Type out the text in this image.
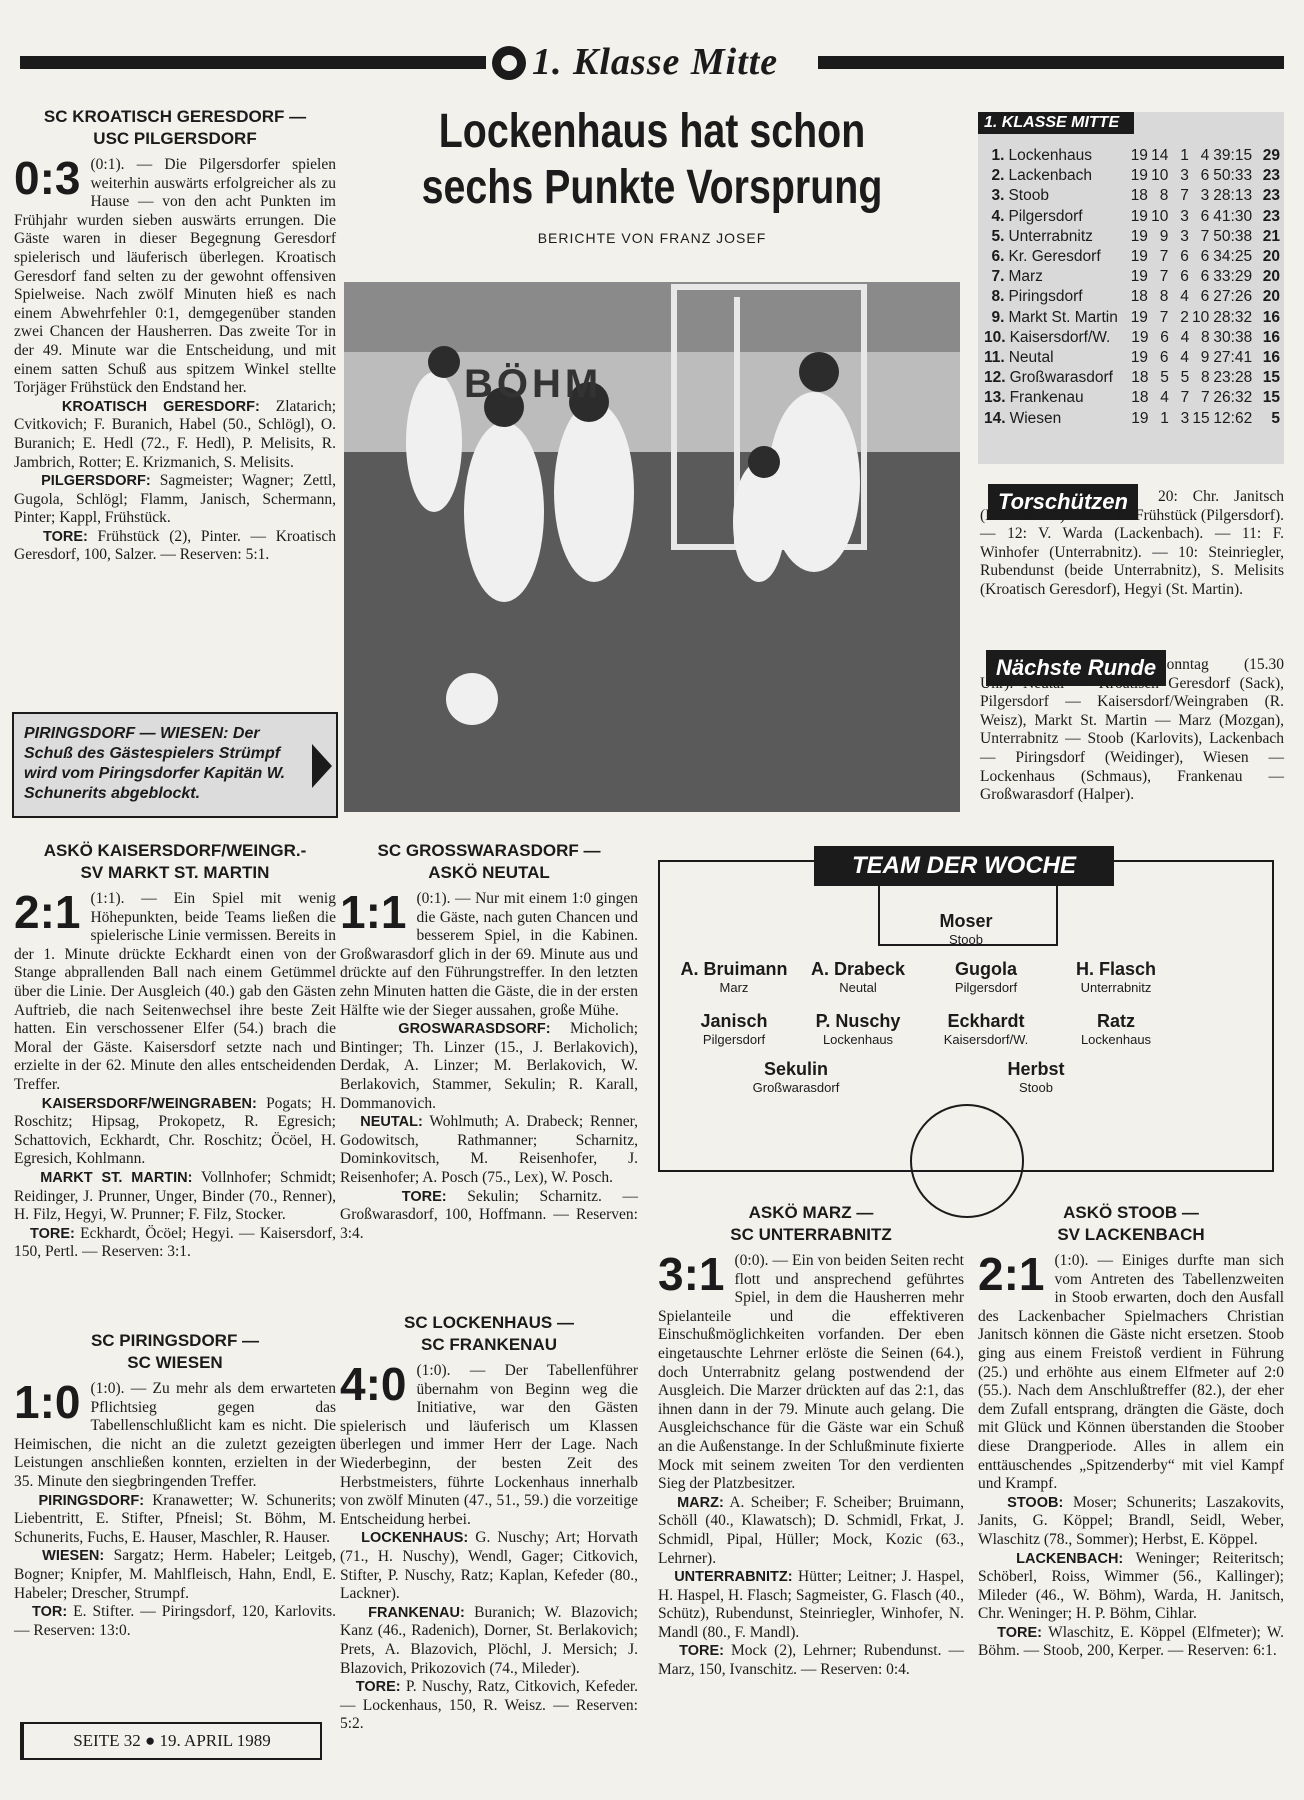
1. Klasse Mitte
SC KROATISCH GERESDORF —
USC PILGERSDORF
0:3 (0:1). — Die Pilgersdorfer spielen weiterhin auswärts erfolgreicher als zu Hause — von den acht Punkten im Frühjahr wurden sieben auswärts errungen. Die Gäste waren in dieser Begegnung Geresdorf spielerisch und läuferisch überlegen. Kroatisch Geresdorf fand selten zu der gewohnt offensiven Spielweise. Nach zwölf Minuten hieß es nach einem Abwehrfehler 0:1, demgegenüber standen zwei Chancen der Hausherren. Das zweite Tor in der 49. Minute war die Entscheidung, und mit einem satten Schuß aus spitzem Winkel stellte Torjäger Frühstück den Endstand her.
KROATISCH GERESDORF: Zlatarich; Cvitkovich; F. Buranich, Habel (50., Schlögl), O. Buranich; E. Hedl (72., F. Hedl), P. Melisits, R. Jambrich, Rotter; E. Krizmanich, S. Melisits.
PILGERSDORF: Sagmeister; Wagner; Zettl, Gugola, Schlögl; Flamm, Janisch, Schermann, Pinter; Kappl, Frühstück.
TORE: Frühstück (2), Pinter. — Kroatisch Geresdorf, 100, Salzer. — Reserven: 5:1.
Lockenhaus hat schon
sechs Punkte Vorsprung
BERICHTE VON FRANZ JOSEF
BÖHM
PIRINGSDORF — WIESEN: Der Schuß des Gästespielers Strümpf wird vom Piringsdorfer Kapitän W. Schunerits abgeblockt.
1. KLASSE MITTE
1. Lockenhaus	19 14 1 4 39:15 29
2. Lackenbach	19 10 3 6 50:33 23
3. Stoob	18 8 7 3 28:13 23
4. Pilgersdorf	19 10 3 6 41:30 23
5. Unterrabnitz	19 9 3 7 50:38 21
6. Kr. Geresdorf	19 7 6 6 34:25 20
7. Marz	19 7 6 6 33:29 20
8. Piringsdorf	18 8 4 6 27:26 20
9. Markt St. Martin 19 7 2 10 28:32 16
10. Kaisersdorf/W.	19 6 4 8 30:38 16
11. Neutal	19 6 4 9 27:41 16
12. Großwarasdorf	18 5 5 8 23:28 15
13. Frankenau	18 4 7 7 26:32 15
14. Wiesen	19 1 3 15 12:62	5
Torschützen	20: Chr. Janitsch (Lackenbach). — 17: H. Frühstück (Pilgersdorf). — 12: V. Warda (Lackenbach). — 11: F. Winhofer (Unterrabnitz). — 10: Steinriegler, Rubendunst (beide Unterrabnitz), S. Melisits (Kroatisch Geresdorf), Hegyi (St. Martin).
Nächste Runde Sonntag (15.30 Uhr): Neutal — Kroatisch Geresdorf (Sack), Pilgersdorf — Kaisersdorf/Weingraben (R. Weisz), Markt St. Martin — Marz (Mozgan), Unterrabnitz — Stoob (Karlovits), Lackenbach — Piringsdorf (Weidinger), Wiesen — Lockenhaus (Schmaus), Frankenau — Großwarasdorf (Halper).
ASKÖ KAISERSDORF/WEINGR.-
SV MARKT ST. MARTIN
2:1 (1:1). — Ein Spiel mit wenig Höhepunkten, beide Teams ließen die spielerische Linie vermissen. Bereits in der 1. Minute drückte Eckhardt einen von der Stange abprallenden Ball nach einem Getümmel über die Linie. Der Ausgleich (40.) gab den Gästen Auftrieb, die nach Seitenwechsel ihre beste Zeit hatten. Ein verschossener Elfer (54.) brach die Moral der Gäste. Kaisersdorf setzte nach und erzielte in der 62. Minute den alles entscheidenden Treffer.
KAISERSDORF/WEINGRABEN: Pogats; H. Roschitz; Hipsag, Prokopetz, R. Egresich; Schattovich, Eckhardt, Chr. Roschitz; Öcöel, H. Egresich, Kohlmann.
MARKT ST. MARTIN: Vollnhofer; Schmidt; Reidinger, J. Prunner, Unger, Binder (70., Renner), H. Filz, Hegyi, W. Prunner; F. Filz, Stocker.
TORE: Eckhardt, Öcöel; Hegyi. — Kaisersdorf, 150, Pertl. — Reserven: 3:1.
SC PIRINGSDORF —
SC WIESEN
1:0 (1:0). — Zu mehr als dem erwarteten Pflichtsieg gegen das Tabellenschlußlicht kam es nicht. Die Heimischen, die nicht an die zuletzt gezeigten Leistungen anschließen konnten, erzielten in der 35. Minute den siegbringenden Treffer.
PIRINGSDORF: Kranawetter; W. Schunerits; Liebentritt, E. Stifter, Pfneisl; St. Böhm, M. Schunerits, Fuchs, E. Hauser, Maschler, R. Hauser.
WIESEN: Sargatz; Herm. Habeler; Leitgeb, Bogner; Knipfer, M. Mahlfleisch, Hahn, Endl, E. Habeler; Drescher, Strumpf.
TOR: E. Stifter. — Piringsdorf, 120, Karlovits. — Reserven: 13:0.
SC GROSSWARASDORF —
ASKÖ NEUTAL
1:1 (0:1). — Nur mit einem 1:0 gingen die Gäste, nach guten Chancen und besserem Spiel, in die Kabinen. Großwarasdorf glich in der 69. Minute aus und drückte auf den Führungstreffer. In den letzten zehn Minuten hatten die Gäste, die in der ersten Hälfte wie der Sieger aussahen, große Mühe.
GROSWARASDSORF: Micholich; Bintinger; Th. Linzer (15., J. Berlakovich), Derdak, A. Linzer; M. Berlakovich, W. Berlakovich, Stammer, Sekulin; R. Karall, Dommanovich.
NEUTAL: Wohlmuth; A. Drabeck; Renner, Godowitsch, Rathmanner; Scharnitz, Dominkovitsch, M. Reisenhofer, J. Reisenhofer; A. Posch (75., Lex), W. Posch.
TORE: Sekulin; Scharnitz. — Großwarasdorf, 100, Hoffmann. — Reserven: 3:4.
SC LOCKENHAUS —
SC FRANKENAU
4:0 (1:0). — Der Tabellenführer übernahm von Beginn weg die Initiative, war den Gästen spielerisch und läuferisch um Klassen überlegen und immer Herr der Lage. Nach Wiederbeginn, der besten Zeit des Herbstmeisters, führte Lockenhaus innerhalb von zwölf Minuten (47., 51., 59.) die vorzeitige Entscheidung herbei.
LOCKENHAUS: G. Nuschy; Art; Horvath (71., H. Nuschy), Wendl, Gager; Citkovich, Stifter, P. Nuschy, Ratz; Kaplan, Kefeder (80., Lackner).
FRANKENAU: Buranich; W. Blazovich; Kanz (46., Radenich), Dorner, St. Berlakovich; Prets, A. Blazovich, Plöchl, J. Mersich; J. Blazovich, Prikozovich (74., Mileder).
TORE: P. Nuschy, Ratz, Citkovich, Kefeder. — Lockenhaus, 150, R. Weisz. — Reserven: 5:2.
TEAM DER WOCHE
Moser
Stoob
A. Bruimann
Marz
A. Drabeck
Neutal
Gugola
Pilgersdorf
H. Flasch
Unterrabnitz
Janisch
Pilgersdorf
P. Nuschy
Lockenhaus
Eckhardt
Kaisersdorf/W.
Ratz
Lockenhaus
Sekulin
Großwarasdorf
Herbst
Stoob
ASKÖ MARZ —
SC UNTERRABNITZ
3:1 (0:0). — Ein von beiden Seiten recht flott und ansprechend geführtes Spiel, in dem die Hausherren mehr Spielanteile und die effektiveren Einschußmöglichkeiten vorfanden. Der eben eingetauschte Lehrner erlöste die Seinen (64.), doch Unterrabnitz gelang postwendend der Ausgleich. Die Marzer drückten auf das 2:1, das ihnen dann in der 79. Minute auch gelang. Die Ausgleichschance für die Gäste war ein Schuß an die Außenstange. In der Schlußminute fixierte Mock mit seinem zweiten Tor den verdienten Sieg der Platzbesitzer.
MARZ: A. Scheiber; F. Scheiber; Bruimann, Schöll (40., Klawatsch); D. Schmidl, Frkat, J. Schmidl, Pipal, Hüller; Mock, Kozic (63., Lehrner).
UNTERRABNITZ: Hütter; Leitner; J. Haspel, H. Haspel, H. Flasch; Sagmeister, G. Flasch (40., Schütz), Rubendunst, Steinriegler, Winhofer, N. Mandl (80., F. Mandl).
TORE: Mock (2), Lehrner; Rubendunst. — Marz, 150, Ivanschitz. — Reserven: 0:4.
ASKÖ STOOB —
SV LACKENBACH
2:1 (1:0). — Einiges durfte man sich vom Antreten des Tabellenzweiten in Stoob erwarten, doch den Ausfall des Lackenbacher Spielmachers Christian Janitsch können die Gäste nicht ersetzen. Stoob ging aus einem Freistoß verdient in Führung (25.) und erhöhte aus einem Elfmeter auf 2:0 (55.). Nach dem Anschlußtreffer (82.), der eher dem Zufall entsprang, drängten die Gäste, doch mit Glück und Können überstanden die Stoober diese Drangperiode. Alles in allem ein enttäuschendes „Spitzenderby“ mit viel Kampf und Krampf.
STOOB: Moser; Schunerits; Laszakovits, Janits, G. Köppel; Brandl, Seidl, Weber, Wlaschitz (78., Sommer); Herbst, E. Köppel.
LACKENBACH: Weninger; Reiteritsch; Schöberl, Roiss, Wimmer (56., Kallinger); Mileder (46., W. Böhm), Warda, H. Janitsch, Chr. Weninger; H. P. Böhm, Cihlar.
TORE: Wlaschitz, E. Köppel (Elfmeter); W. Böhm. — Stoob, 200, Kerper. — Reserven: 6:1.
SEITE 32 ● 19. APRIL 1989
